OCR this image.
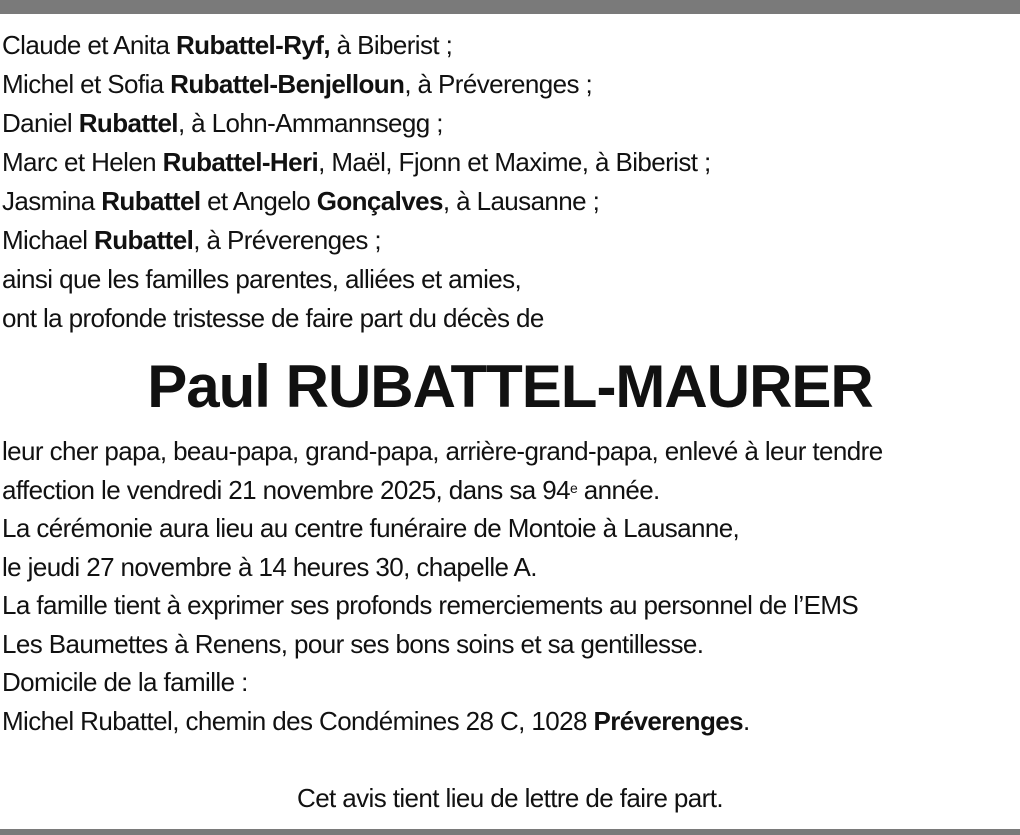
Claude et Anita Rubattel-Ryf, à Biberist ;
Michel et Sofia Rubattel-Benjelloun, à Préverenges ;
Daniel Rubattel, à Lohn-Ammannsegg ;
Marc et Helen Rubattel-Heri, Maël, Fjonn et Maxime, à Biberist ;
Jasmina Rubattel et Angelo Gonçalves, à Lausanne ;
Michael Rubattel, à Préverenges ;
ainsi que les familles parentes, alliées et amies,
ont la profonde tristesse de faire part du décès de
Paul RUBATTEL-MAURER
leur cher papa, beau-papa, grand-papa, arrière-grand-papa, enlevé à leur tendre
affection le vendredi 21 novembre 2025, dans sa 94e année.
La cérémonie aura lieu au centre funéraire de Montoie à Lausanne,
le jeudi 27 novembre à 14 heures 30, chapelle A.
La famille tient à exprimer ses profonds remerciements au personnel de l’EMS
Les Baumettes à Renens, pour ses bons soins et sa gentillesse.
Domicile de la famille :
Michel Rubattel, chemin des Condémines 28 C, 1028 Préverenges.
Cet avis tient lieu de lettre de faire part.
